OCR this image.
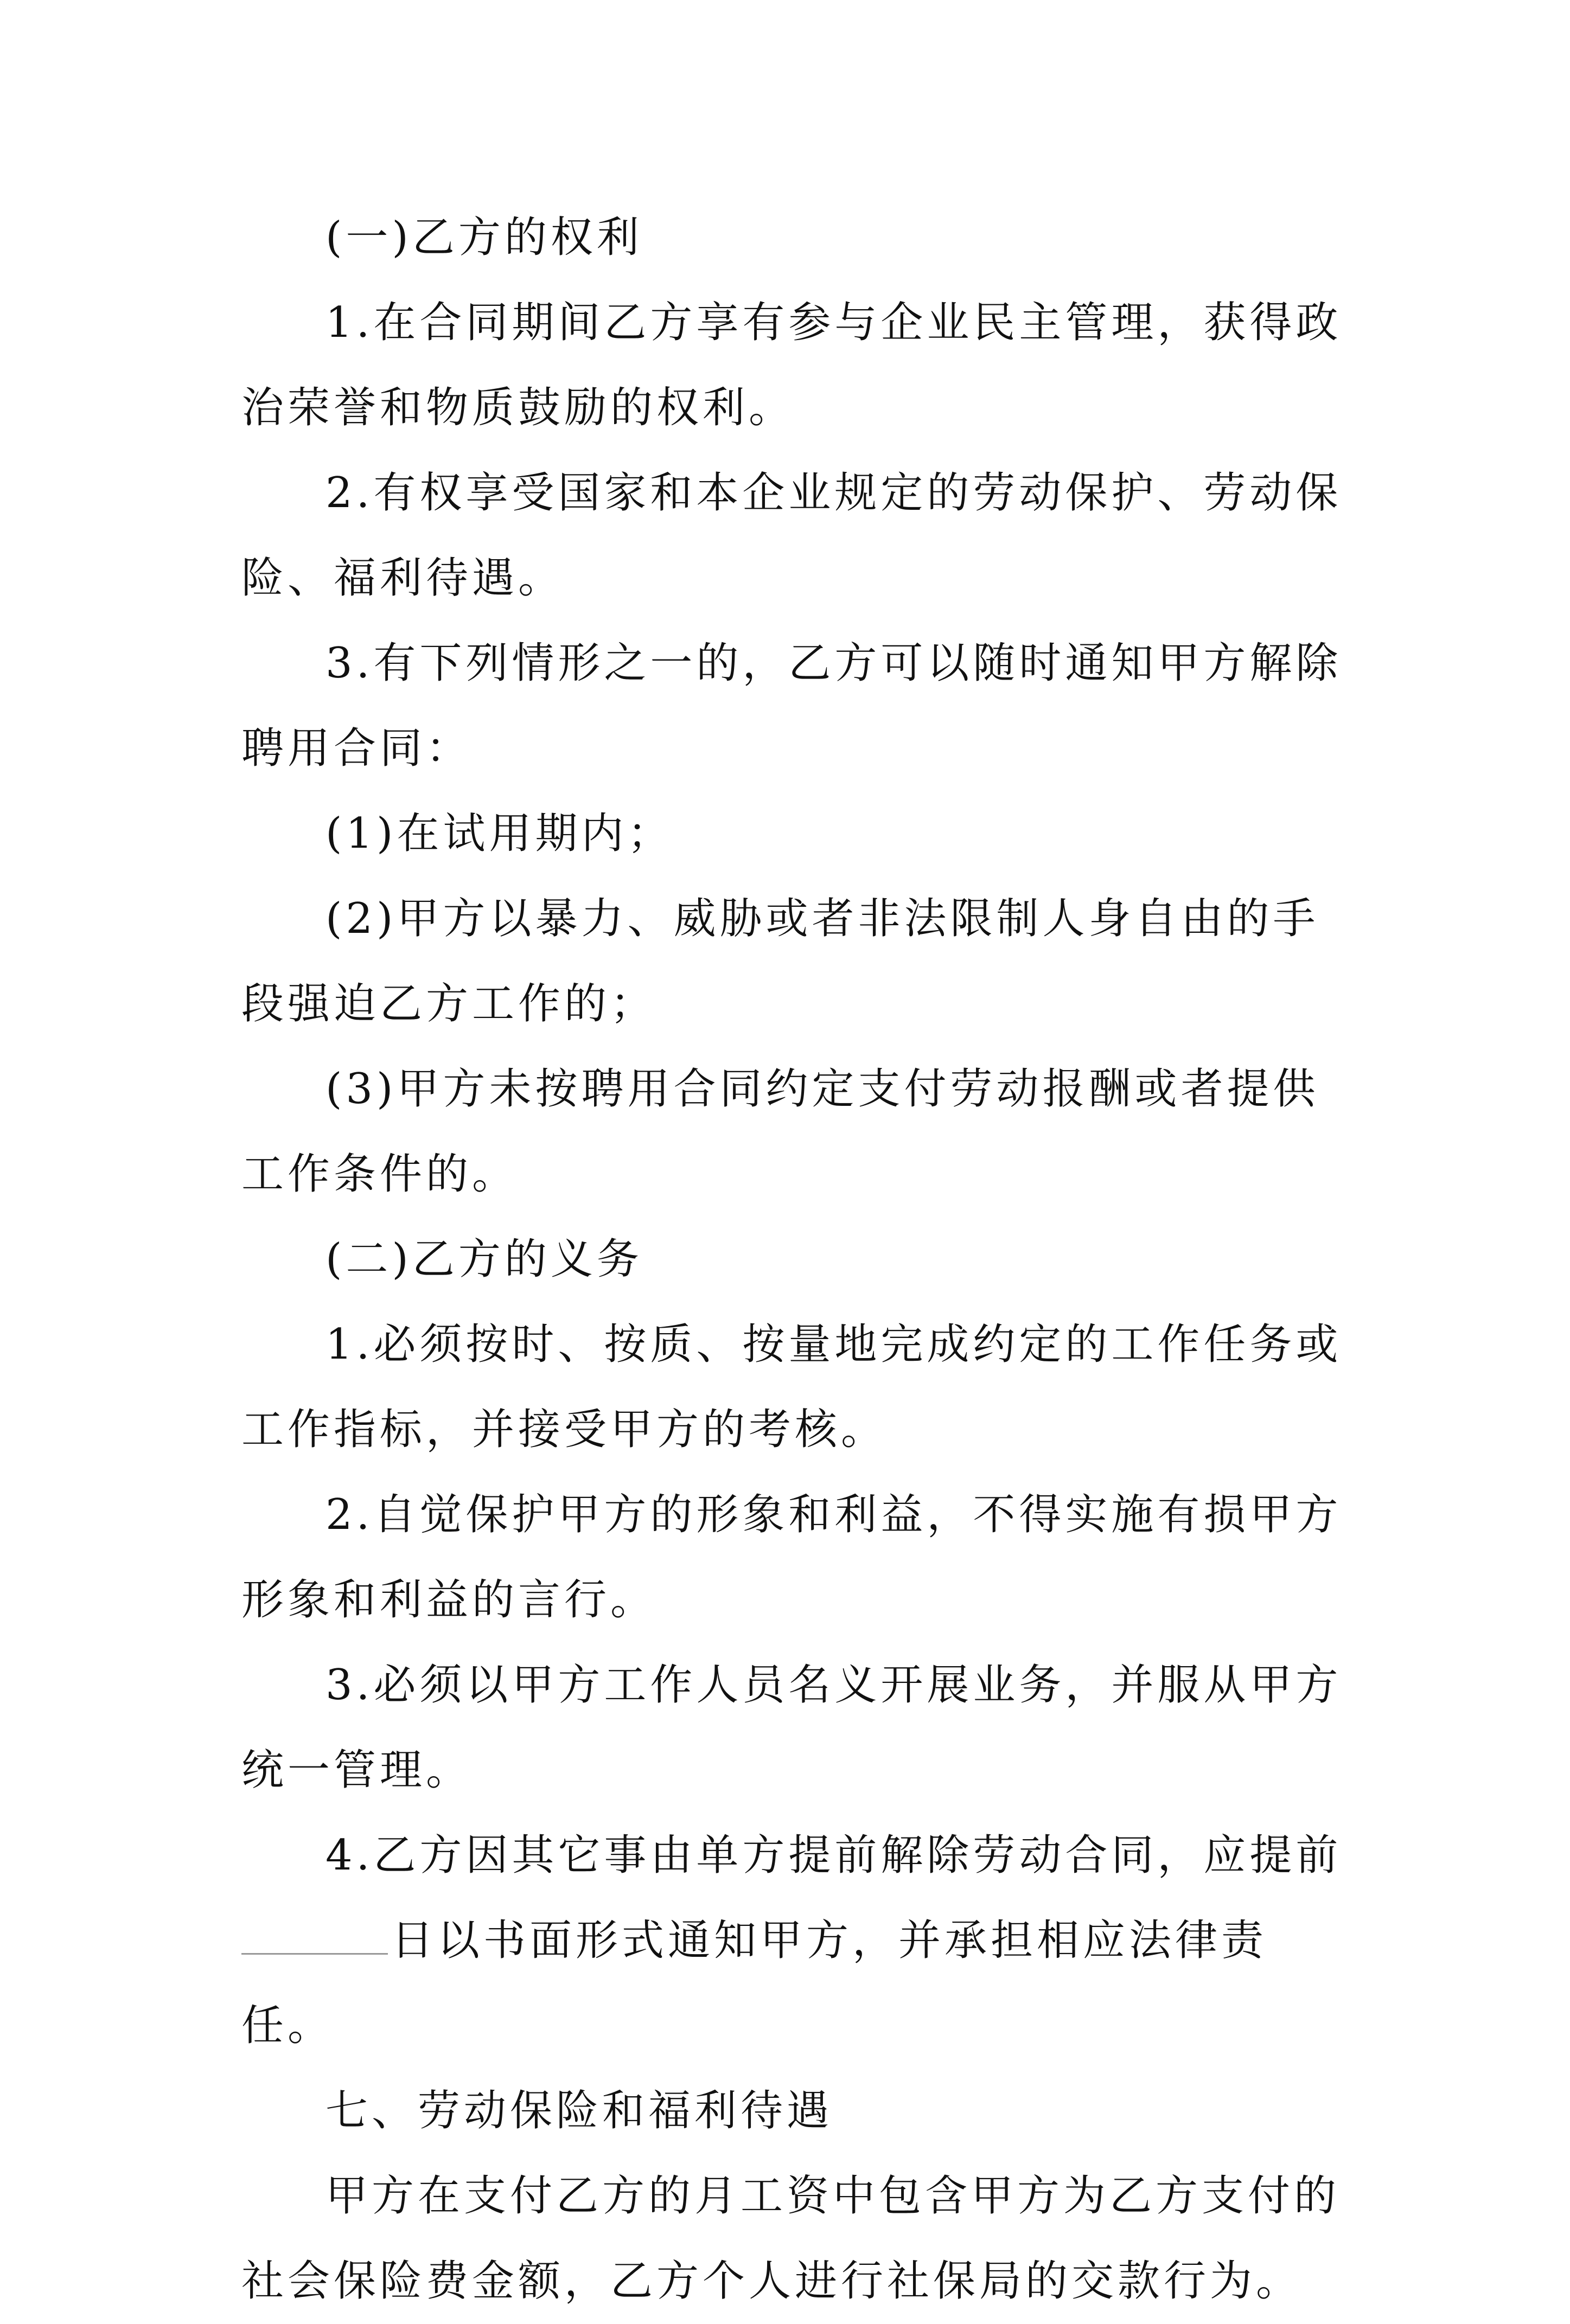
(一)乙方的权利

1.在合同期间乙方享有参与企业民主管理，获得政治荣誉和物质鼓励的权利。

2.有权享受国家和本企业规定的劳动保护、劳动保险、福利待遇。

3.有下列情形之一的，乙方可以随时通知甲方解除聘用合同：

(1)在试用期内；

(2)甲方以暴力、威胁或者非法限制人身自由的手段强迫乙方工作的；

(3)甲方未按聘用合同约定支付劳动报酬或者提供工作条件的。

(二)乙方的义务

1.必须按时、按质、按量地完成约定的工作任务或工作指标，并接受甲方的考核。

2.自觉保护甲方的形象和利益，不得实施有损甲方形象和利益的言行。

3.必须以甲方工作人员名义开展业务，并服从甲方统一管理。

4.乙方因其它事由单方提前解除劳动合同，应提前
日以书面形式通知甲方，并承担相应法律责任。

七、劳动保险和福利待遇

甲方在支付乙方的月工资中包含甲方为乙方支付的社会保险费金额，乙方个人进行社保局的交款行为。
